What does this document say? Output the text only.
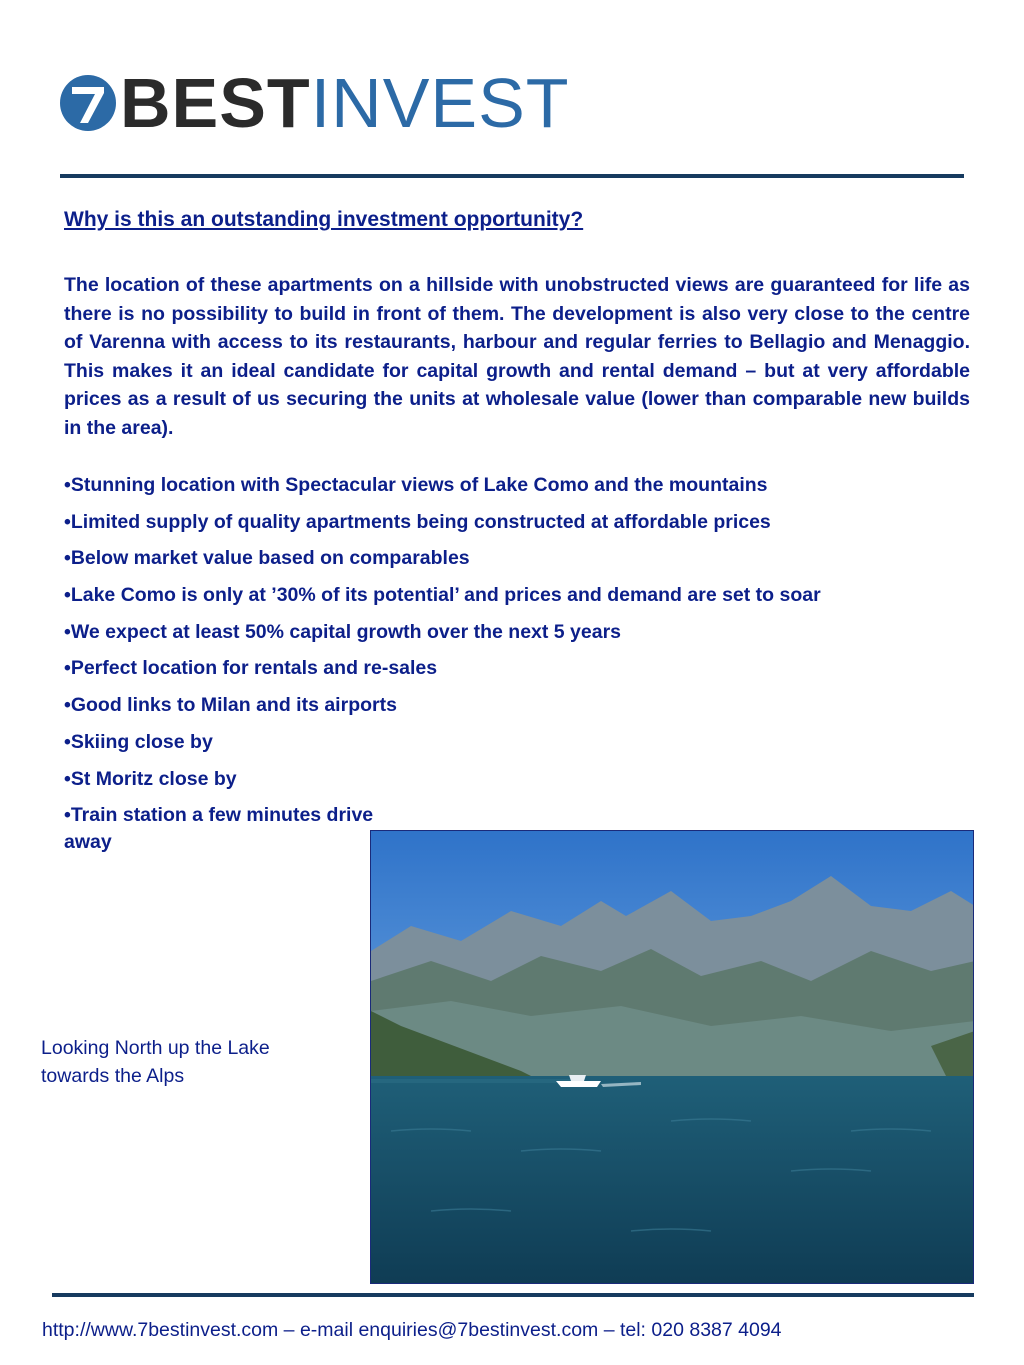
BEST INVEST
Why is this an outstanding investment opportunity?

The location of these apartments on a hillside with unobstructed views are guaranteed for life as there is no possibility to build in front of them. The development is also very close to the centre of Varenna with access to its restaurants, harbour and regular ferries to Bellagio and Menaggio. This makes it an ideal candidate for capital growth and rental demand – but at very affordable prices as a result of us securing the units at wholesale value (lower than comparable new builds in the area).

•Stunning location with Spectacular views of Lake Como and the mountains
•Limited supply of quality apartments being constructed at affordable prices
•Below market value based on comparables
•Lake Como is only at ’30% of its potential’ and prices and demand are set to soar
•We expect at least 50% capital growth over the next 5 years
•Perfect location for rentals and re-sales
•Good links to Milan and its airports
•Skiing close by
•St Moritz close by
•Train station a few minutes drive away

Looking North up the Lake towards the Alps

http://www.7bestinvest.com – e-mail enquiries@7bestinvest.com – tel: 020 8387 4094
